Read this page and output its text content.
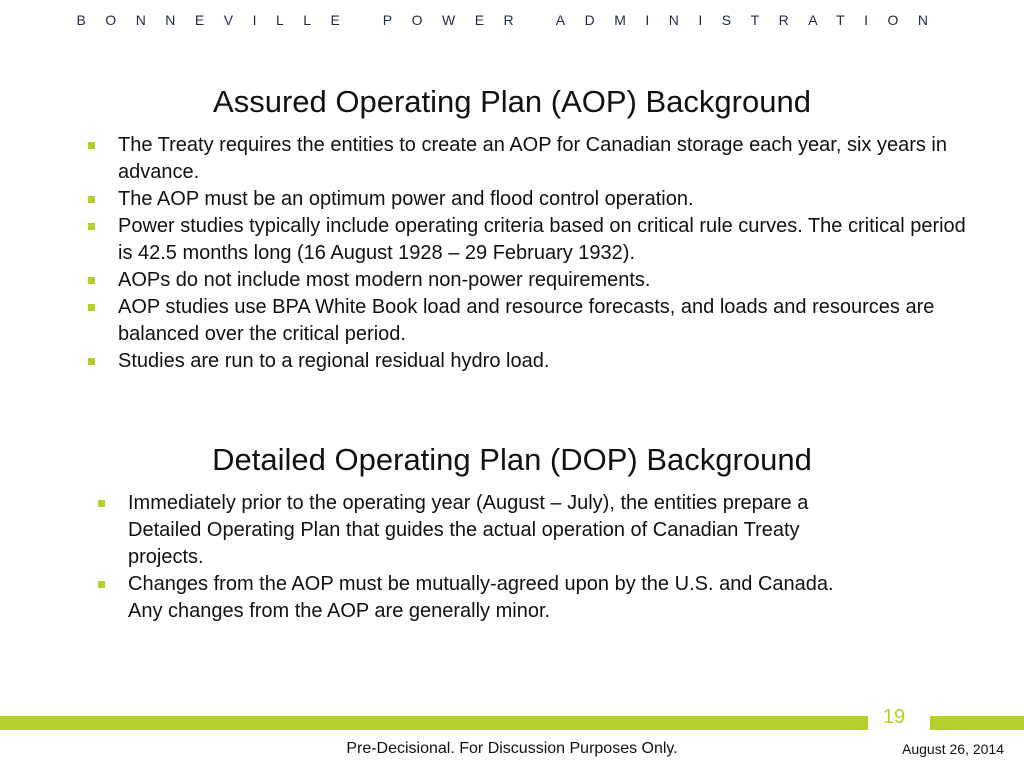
BONNEVILLE POWER ADMINISTRATION
Assured Operating Plan (AOP) Background
The Treaty requires the entities to create an AOP for Canadian storage each year, six years in advance.
The AOP must be an optimum power and flood control operation.
Power studies typically include operating criteria based on critical rule curves. The critical period is 42.5 months long (16 August 1928 – 29 February 1932).
AOPs do not include most modern non-power requirements.
AOP studies use BPA White Book load and resource forecasts, and loads and resources are balanced over the critical period.
Studies are run to a regional residual hydro load.
Detailed Operating Plan (DOP) Background
Immediately prior to the operating year (August – July), the entities prepare a Detailed Operating Plan that guides the actual operation of Canadian Treaty projects.
Changes from the AOP must be mutually-agreed upon by the U.S. and Canada. Any changes from the AOP are generally minor.
19
Pre-Decisional. For Discussion Purposes Only.	August 26, 2014
